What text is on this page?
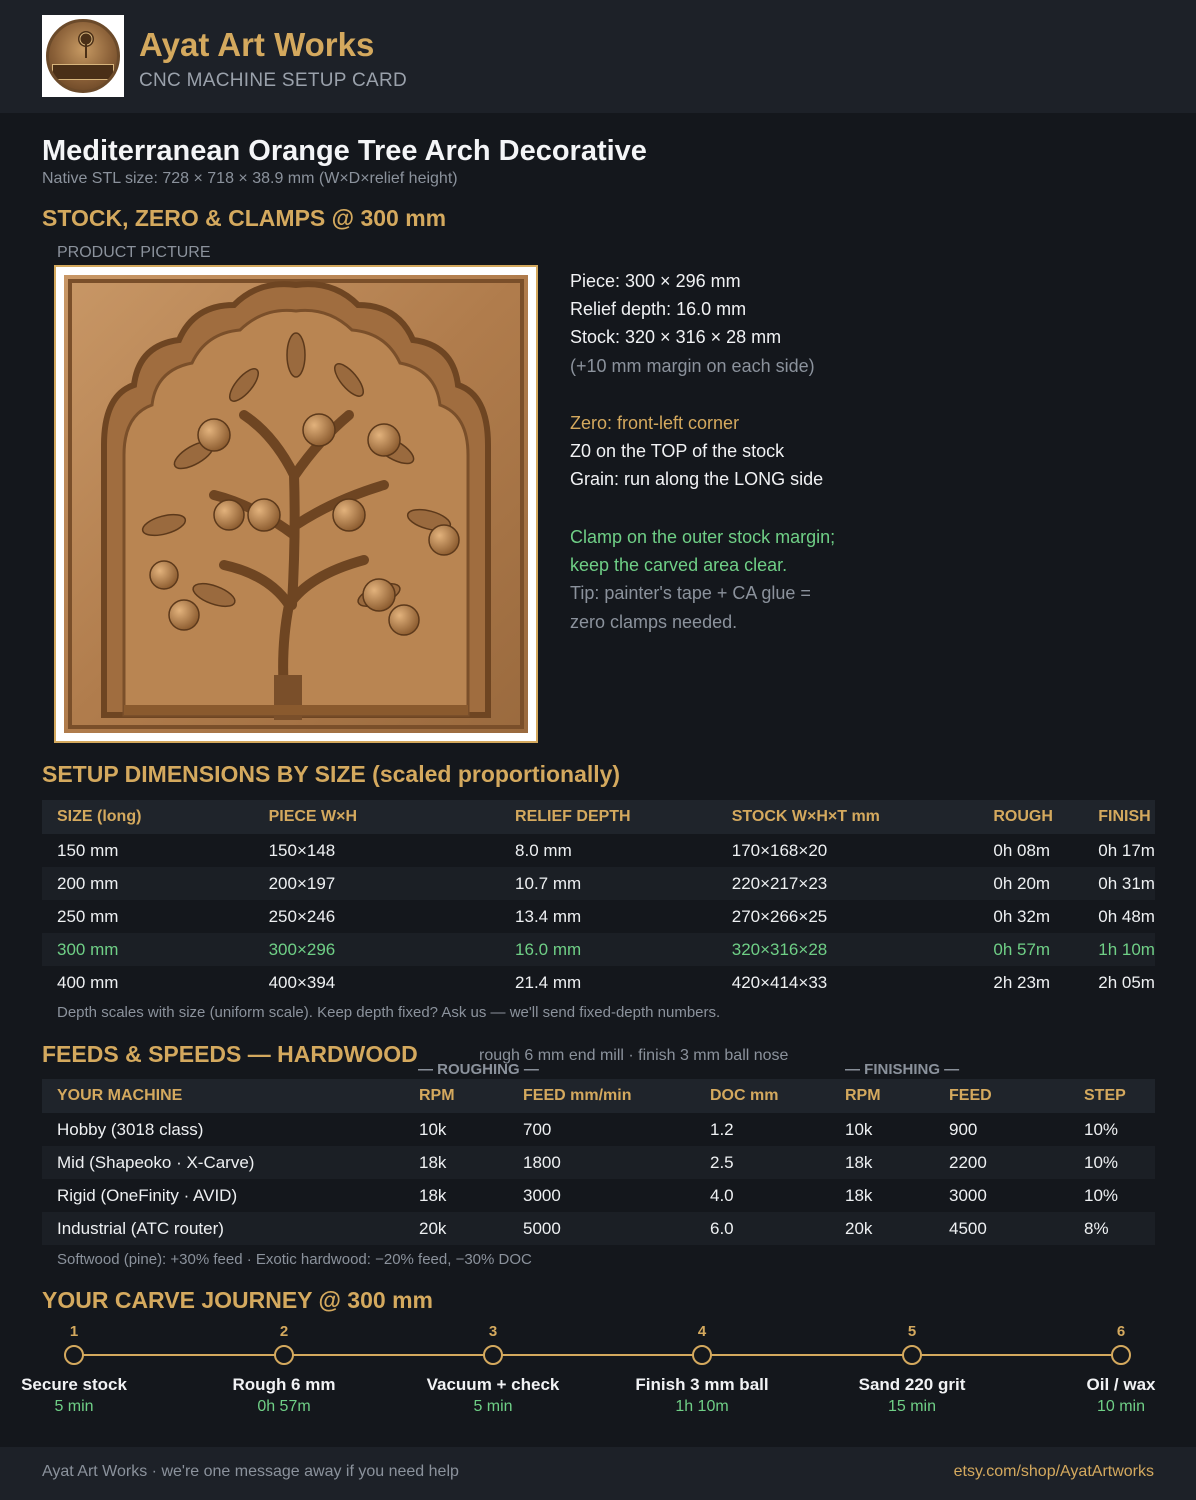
Ayat Art Works
CNC MACHINE SETUP CARD
Mediterranean Orange Tree Arch Decorative
Native STL size: 728 × 718 × 38.9 mm (W×D×relief height)
STOCK, ZERO & CLAMPS @ 300 mm
PRODUCT PICTURE
Piece: 300 × 296 mm
Relief depth: 16.0 mm
Stock: 320 × 316 × 28 mm
(+10 mm margin on each side)
Zero: front-left corner
Z0 on the TOP of the stock
Grain: run along the LONG side
Clamp on the outer stock margin;
keep the carved area clear.
Tip: painter's tape + CA glue =
zero clamps needed.
SETUP DIMENSIONS BY SIZE (scaled proportionally)
SIZE (long)	PIECE W×H	RELIEF DEPTH	STOCK W×H×T mm	ROUGH	FINISH
150 mm	150×148	8.0 mm	170×168×20	0h 08m	0h 17m
200 mm	200×197	10.7 mm	220×217×23	0h 20m	0h 31m
250 mm	250×246	13.4 mm	270×266×25	0h 32m	0h 48m
300 mm	300×296	16.0 mm	320×316×28	0h 57m	1h 10m
400 mm	400×394	21.4 mm	420×414×33	2h 23m	2h 05m
Depth scales with size (uniform scale). Keep depth fixed? Ask us — we'll send fixed-depth numbers.
FEEDS & SPEEDS — HARDWOOD	rough 6 mm end mill · finish 3 mm ball nose
— ROUGHING —	— FINISHING —
YOUR MACHINE	RPM	FEED mm/min	DOC mm	RPM	FEED	STEP
Hobby (3018 class)	10k	700	1.2	10k	900	10%
Mid (Shapeoko · X-Carve)	18k	1800	2.5	18k	2200	10%
Rigid (OneFinity · AVID)	18k	3000	4.0	18k	3000	10%
Industrial (ATC router)	20k	5000	6.0	20k	4500	8%
Softwood (pine): +30% feed · Exotic hardwood: −20% feed, −30% DOC
YOUR CARVE JOURNEY @ 300 mm
1
Secure stock
5 min
2
Rough 6 mm
0h 57m
3
Vacuum + check
5 min
4
Finish 3 mm ball
1h 10m
5
Sand 220 grit
15 min
6
Oil / wax
10 min
Ayat Art Works · we're one message away if you need help	etsy.com/shop/AyatArtworks
